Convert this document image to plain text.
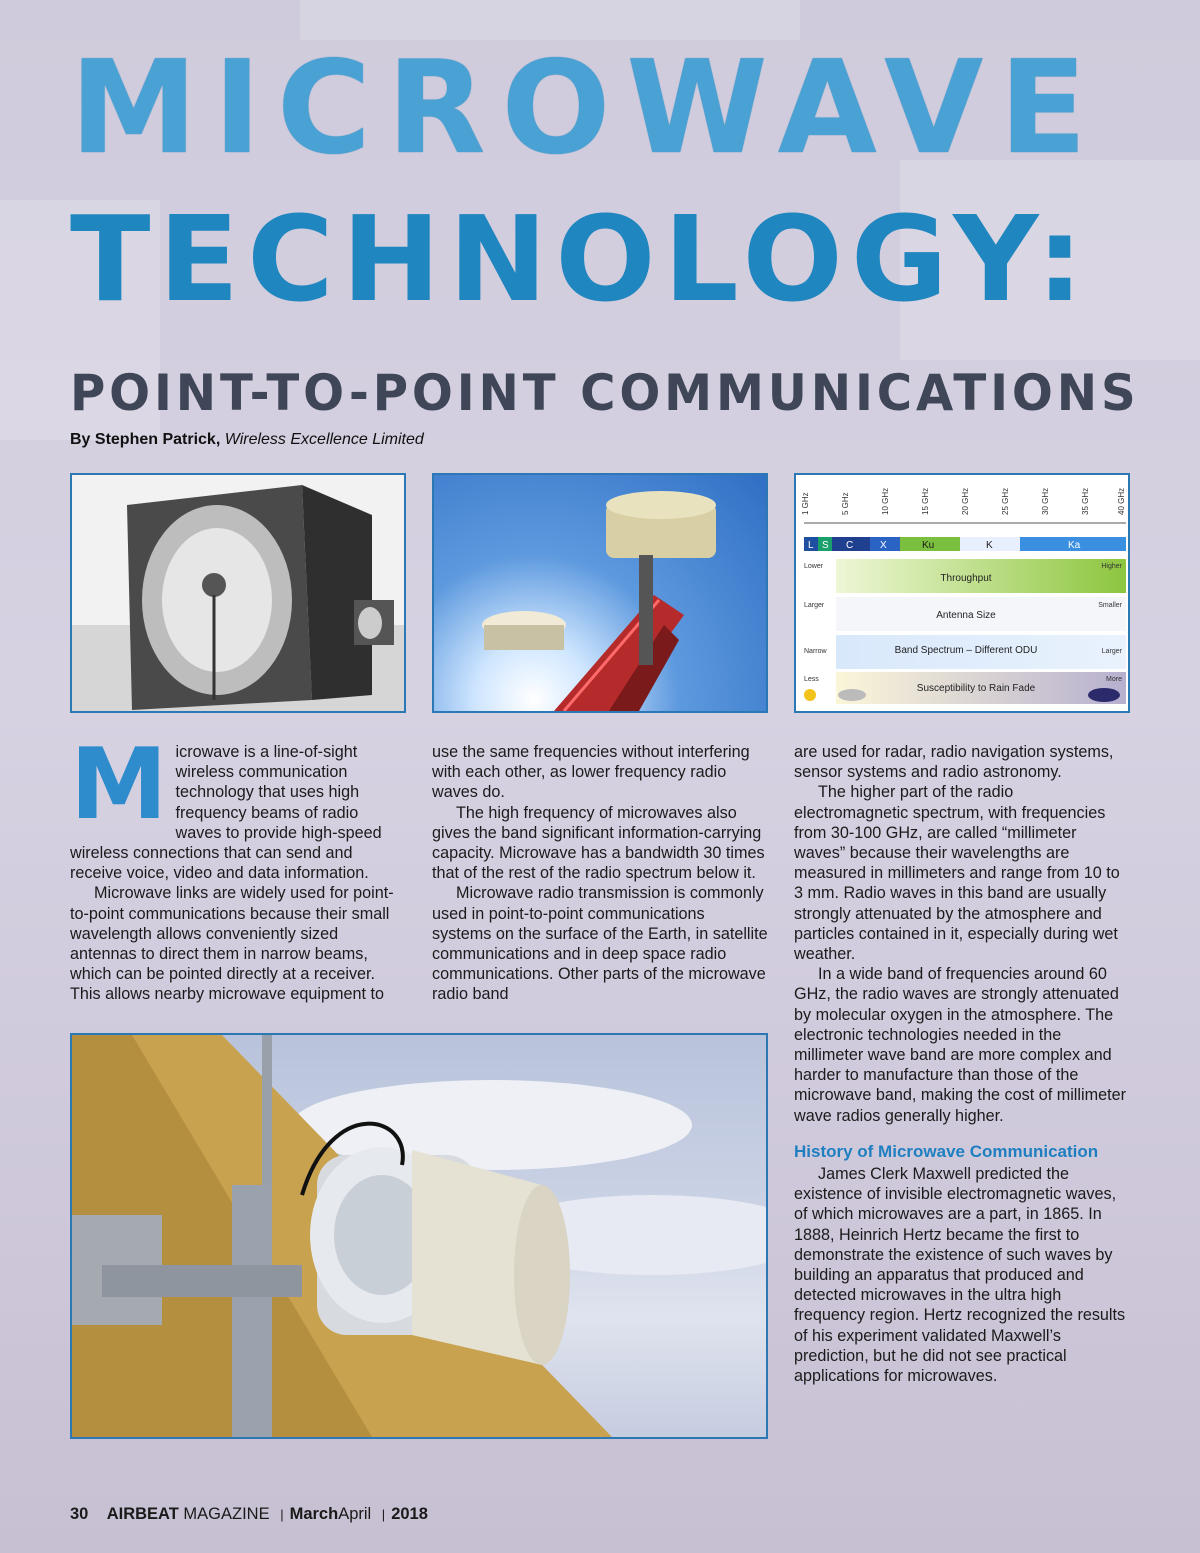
MICROWAVE
TECHNOLOGY:
POINT-TO-POINT COMMUNICATIONS
By Stephen Patrick, Wireless Excellence Limited
1 GHz	5 GHz	10 GHz	15 GHz	20 GHz	25 GHz	30 GHz	35 GHz	40 GHz
L S C	X	Ku	K	Ka
Lower
Throughput
Higher
Larger
Antenna Size
Smaller
Narrow	Band Spectrum – Different ODU	Larger
Less
Susceptibility to Rain Fade
More
M icrowave is a line-of-sight wireless communication technology that uses high frequency beams of radio waves to provide high-speed wireless connections that can send and receive voice, video and data information.

Microwave links are widely used for point-to-point communications because their small wavelength allows conveniently sized antennas to direct them in narrow beams, which can be pointed directly at a receiver. This allows nearby microwave equipment to

use the same frequencies without interfering with each other, as lower frequency radio waves do.

The high frequency of microwaves also gives the band significant information-carrying capacity. Microwave has a bandwidth 30 times that of the rest of the radio spectrum below it.

Microwave radio transmission is commonly used in point-to-point communications systems on the surface of the Earth, in satellite communications and in deep space radio communications. Other parts of the microwave radio band

are used for radar, radio navigation systems, sensor systems and radio astronomy.

The higher part of the radio electromagnetic spectrum, with frequencies from 30-100 GHz, are called “millimeter waves” because their wavelengths are measured in millimeters and range from 10 to 3 mm. Radio waves in this band are usually strongly attenuated by the atmosphere and particles contained in it, especially during wet weather.

In a wide band of frequencies around 60 GHz, the radio waves are strongly attenuated by molecular oxygen in the atmosphere. The electronic technologies needed in the millimeter wave band are more complex and harder to manufacture than those of the microwave band, making the cost of millimeter wave radios generally higher.

History of Microwave Communication

James Clerk Maxwell predicted the existence of invisible electromagnetic waves, of which microwaves are a part, in 1865. In 1888, Heinrich Hertz became the first to demonstrate the existence of such waves by building an apparatus that produced and detected microwaves in the ultra high frequency region. Hertz recognized the results of his experiment validated Maxwell’s prediction, but he did not see practical applications for microwaves.

30 AIRBEAT MAGAZINE | MarchApril | 2018
